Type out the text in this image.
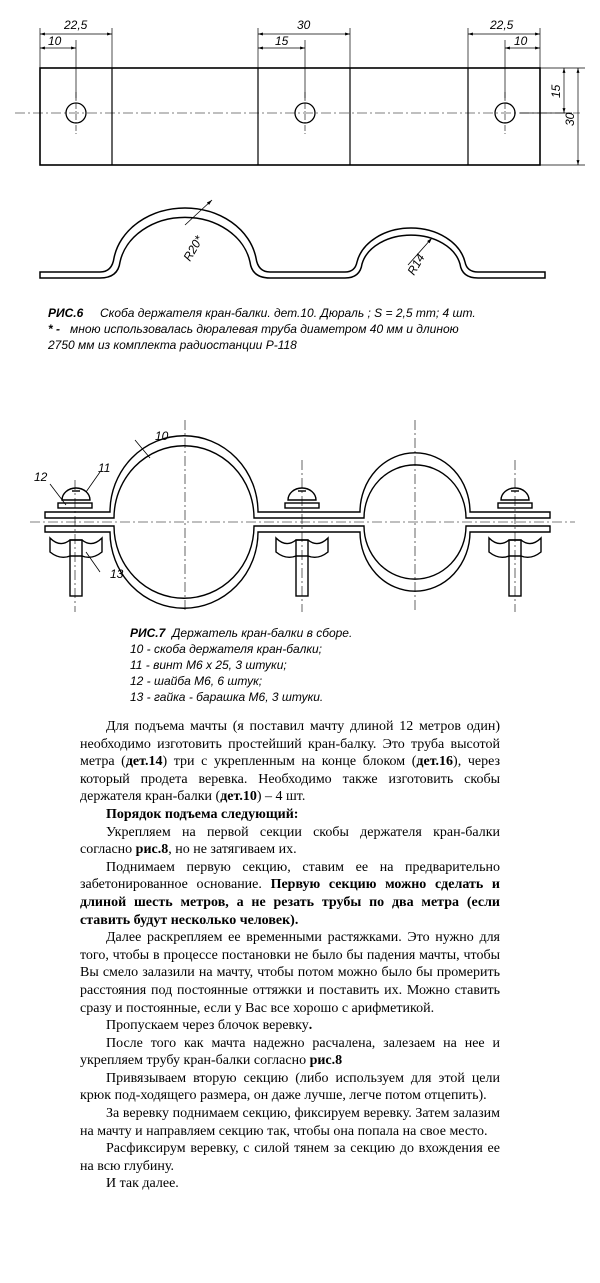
22,5
10
30
15
22,5
10
15
30
R20*
R14
10
11
12
13
РИС.6 Скоба держателя кран-балки. дет.10. Дюраль ; S = 2,5 mm; 4 шт.
* - мною использовалась дюралевая труба диаметром 40 мм и длиною
2750 мм из комплекта радиостанции Р-118
РИС.7 Держатель кран-балки в сборе.
10 - скоба держателя кран-балки;
11 - винт М6 х 25, 3 штуки;
12 - шайба М6, 6 штук;
13 - гайка - барашка М6, 3 штуки.

Для подъема мачты (я поставил мачту длиной 12 метров один) необходимо изготовить простейший кран-балку. Это труба высотой метра (дет.14) три с укрепленным на конце блоком (дет.16), через который продета веревка. Необходимо также изготовить скобы держателя кран-балки (дет.10) – 4 шт.

Порядок подъема следующий:

Укрепляем на первой секции скобы держателя кран-балки согласно рис.8, но не затягиваем их.

Поднимаем первую секцию, ставим ее на предварительно забетонированное основание. Первую секцию можно сделать и длиной шесть метров, а не резать трубы по два метра (если ставить будут несколько человек).

Далее раскрепляем ее временными растяжками. Это нужно для того, чтобы в процессе постановки не было бы падения мачты, чтобы Вы смело залазили на мачту, чтобы потом можно было бы промерить расстояния под постоянные оттяжки и поставить их. Можно ставить сразу и постоянные, если у Вас все хорошо с арифметикой.

Пропускаем через блочок веревку.

После того как мачта надежно расчалена, залезаем на нее и укрепляем трубу кран-балки согласно рис.8

Привязываем вторую секцию (либо используем для этой цели крюк под-ходящего размера, он даже лучше, легче потом отцепить).

За веревку поднимаем секцию, фиксируем веревку. Затем залазим на мачту и направляем секцию так, чтобы она попала на свое место.

Расфиксирум веревку, с силой тянем за секцию до вхождения ее на всю глубину.

И так далее.
